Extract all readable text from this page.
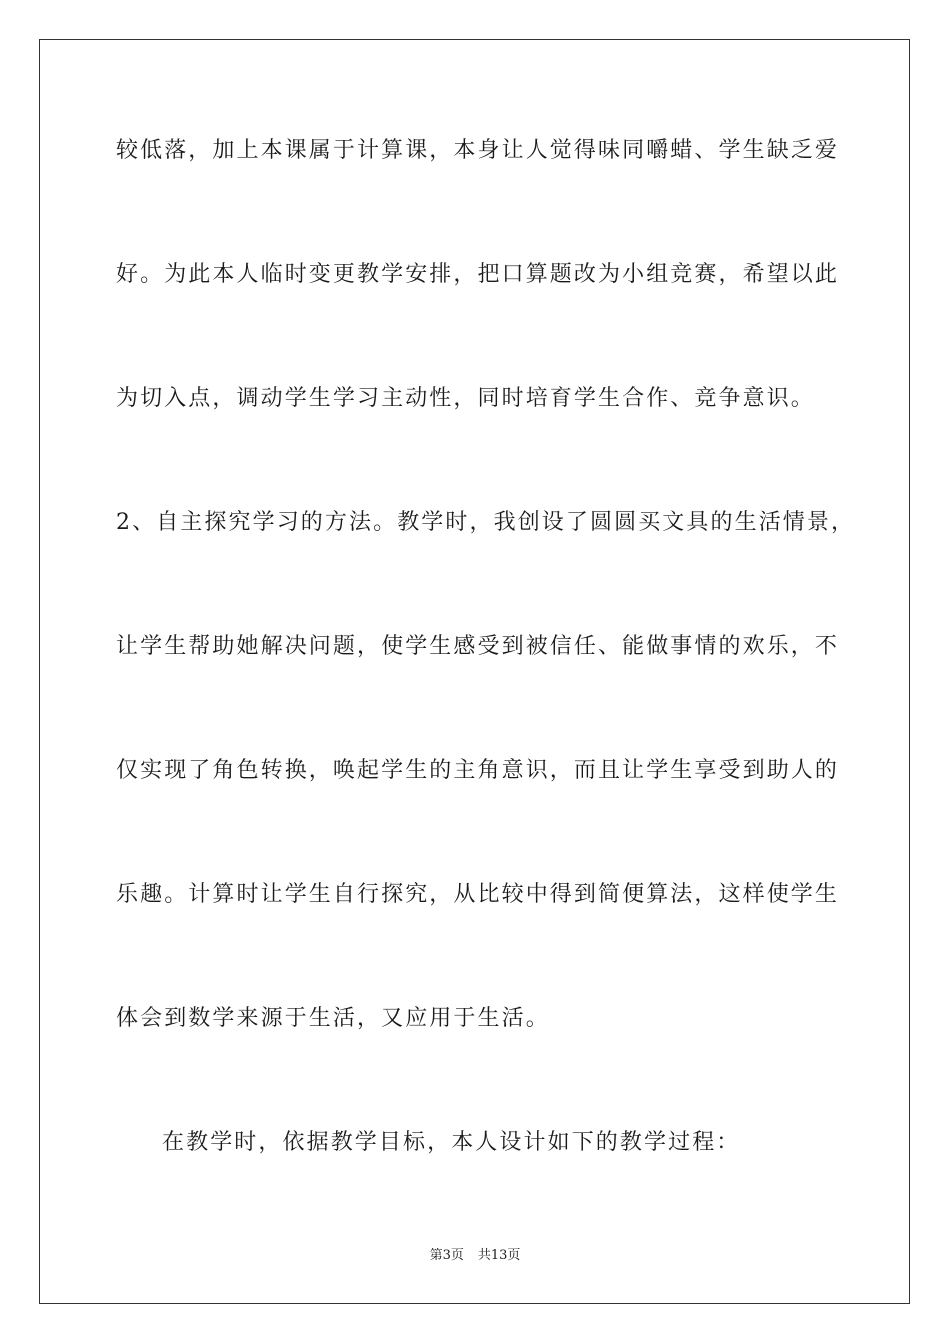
较低落，加上本课属于计算课，本身让人觉得味同嚼蜡、学生缺乏爱
好。为此本人临时变更教学安排，把口算题改为小组竞赛，希望以此
为切入点，调动学生学习主动性，同时培育学生合作、竞争意识。
2、自主探究学习的方法。教学时，我创设了圆圆买文具的生活情景，
让学生帮助她解决问题，使学生感受到被信任、能做事情的欢乐，不
仅实现了角色转换，唤起学生的主角意识，而且让学生享受到助人的
乐趣。计算时让学生自行探究，从比较中得到简便算法，这样使学生
体会到数学来源于生活，又应用于生活。
在教学时，依据教学目标，本人设计如下的教学过程：
第3页 共13页
